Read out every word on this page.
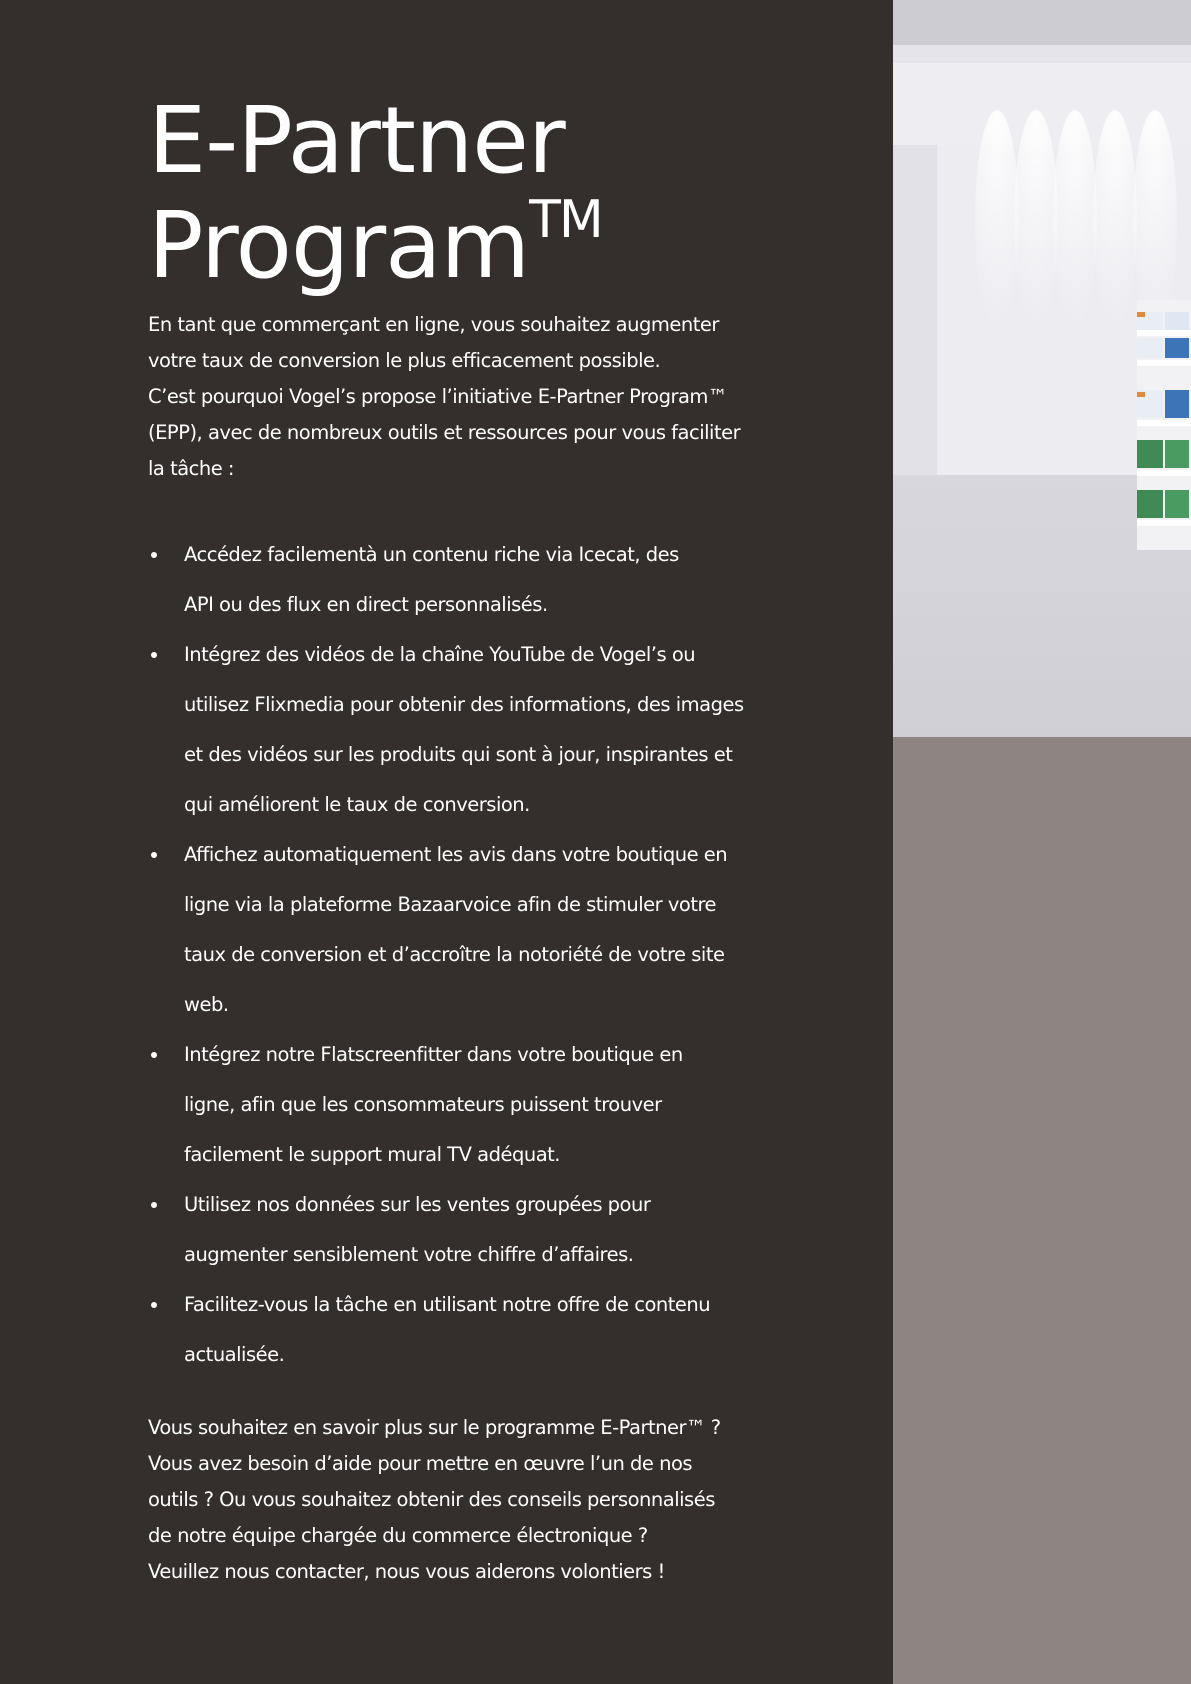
E-Partner
Program™

En tant que commerçant en ligne, vous souhaitez augmenter
votre taux de conversion le plus efficacement possible.
C’est pourquoi Vogel’s propose l’initiative E-Partner Program™
(EPP), avec de nombreux outils et ressources pour vous faciliter
la tâche :

Accédez facilementà un contenu riche via Icecat, des
API ou des flux en direct personnalisés.
Intégrez des vidéos de la chaîne YouTube de Vogel’s ou
utilisez Flixmedia pour obtenir des informations, des images
et des vidéos sur les produits qui sont à jour, inspirantes et
qui améliorent le taux de conversion.
Affichez automatiquement les avis dans votre boutique en
ligne via la plateforme Bazaarvoice afin de stimuler votre
taux de conversion et d’accroître la notoriété de votre site
web.
Intégrez notre Flatscreenfitter dans votre boutique en
ligne, afin que les consommateurs puissent trouver
facilement le support mural TV adéquat.
Utilisez nos données sur les ventes groupées pour
augmenter sensiblement votre chiffre d’affaires.
Facilitez-vous la tâche en utilisant notre offre de contenu
actualisée.

Vous souhaitez en savoir plus sur le programme E-Partner™ ?
Vous avez besoin d’aide pour mettre en œuvre l’un de nos
outils ? Ou vous souhaitez obtenir des conseils personnalisés
de notre équipe chargée du commerce électronique ?
Veuillez nous contacter, nous vous aiderons volontiers !
